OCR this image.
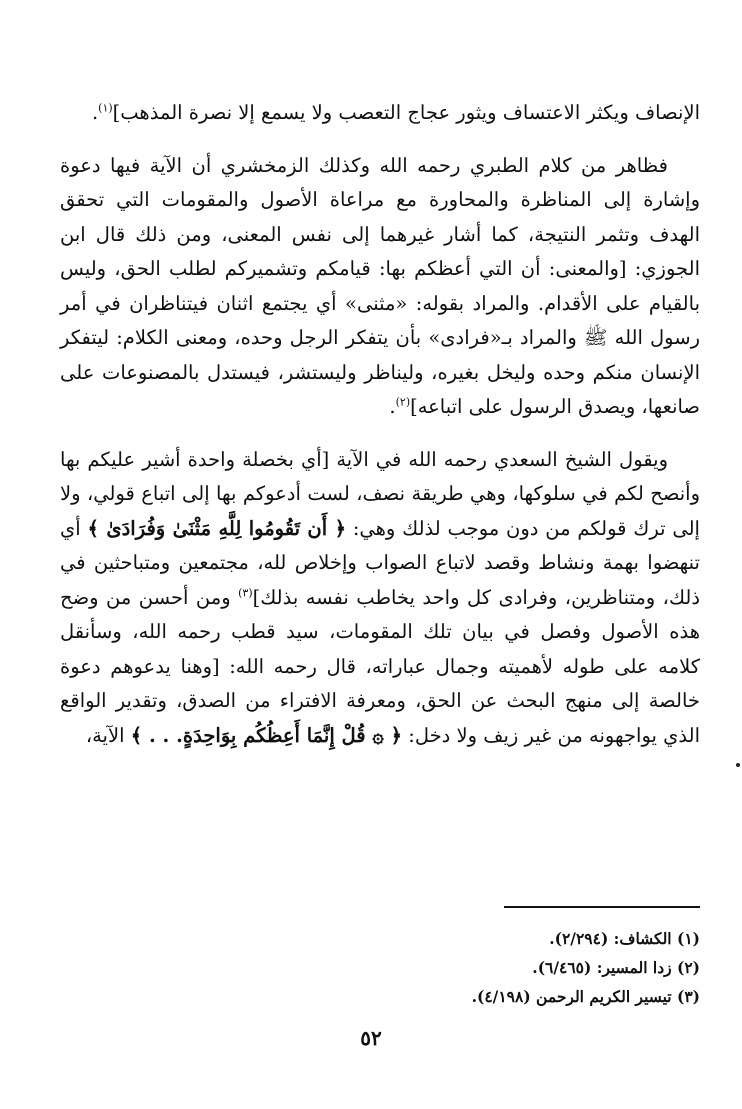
الإنصاف ويكثر الاعتساف ويثور عجاج التعصب ولا يسمع إلا نصرة المذهب]$^{(١)}$.

فظاهر من كلام الطبري رحمه الله وكذلك الزمخشري أن الآية فيها دعوة وإشارة إلى المناظرة والمحاورة مع مراعاة الأصول والمقومات التي تحقق الهدف وتثمر النتيجة، كما أشار غيرهما إلى نفس المعنى، ومن ذلك قال ابن الجوزي: [والمعنى: أن التي أعظكم بها: قيامكم وتشميركم لطلب الحق، وليس بالقيام على الأقدام. والمراد بقوله: «مثنى» أي يجتمع اثنان فيتناظران في أمر رسول الله ﷺ والمراد بـ«فرادى» بأن يتفكر الرجل وحده، ومعنى الكلام: ليتفكر الإنسان منكم وحده وليخل بغيره، وليناظر وليستشر، فيستدل بالمصنوعات على صانعها، ويصدق الرسول على اتباعه]$^{(٢)}$.

ويقول الشيخ السعدي رحمه الله في الآية [أي بخصلة واحدة أشير عليكم بها وأنصح لكم في سلوكها، وهي طريقة نصف، لست أدعوكم بها إلى اتباع قولي، ولا إلى ترك قولكم من دون موجب لذلك وهي: ﴿ أَن تَقُومُوا لِلَّهِ مَثْنَىٰ وَفُرَادَىٰ ﴾ أي تنهضوا بهمة ونشاط وقصد لاتباع الصواب وإخلاص لله، مجتمعين ومتباحثين في ذلك، ومتناظرين، وفرادى كل واحد يخاطب نفسه بذلك]$^{(٣)}$ ومن أحسن من وضح هذه الأصول وفصل في بيان تلك المقومات، سيد قطب رحمه الله، وسأنقل كلامه على طوله لأهميته وجمال عباراته، قال رحمه الله: [وهنا يدعوهم دعوة خالصة إلى منهج البحث عن الحق، ومعرفة الافتراء من الصدق، وتقدير الواقع الذي يواجهونه من غير زيف ولا دخل: ﴿ ۞ قُلْ إِنَّمَا أَعِظُكُم بِوَاحِدَةٍ. . . ﴾ الآية،

(١) الكشاف: (٢/٢٩٤).
(٢) زدا المسير: (٦/٤٦٥).
(٣) تيسير الكريم الرحمن (٤/١٩٨).
٥٢
